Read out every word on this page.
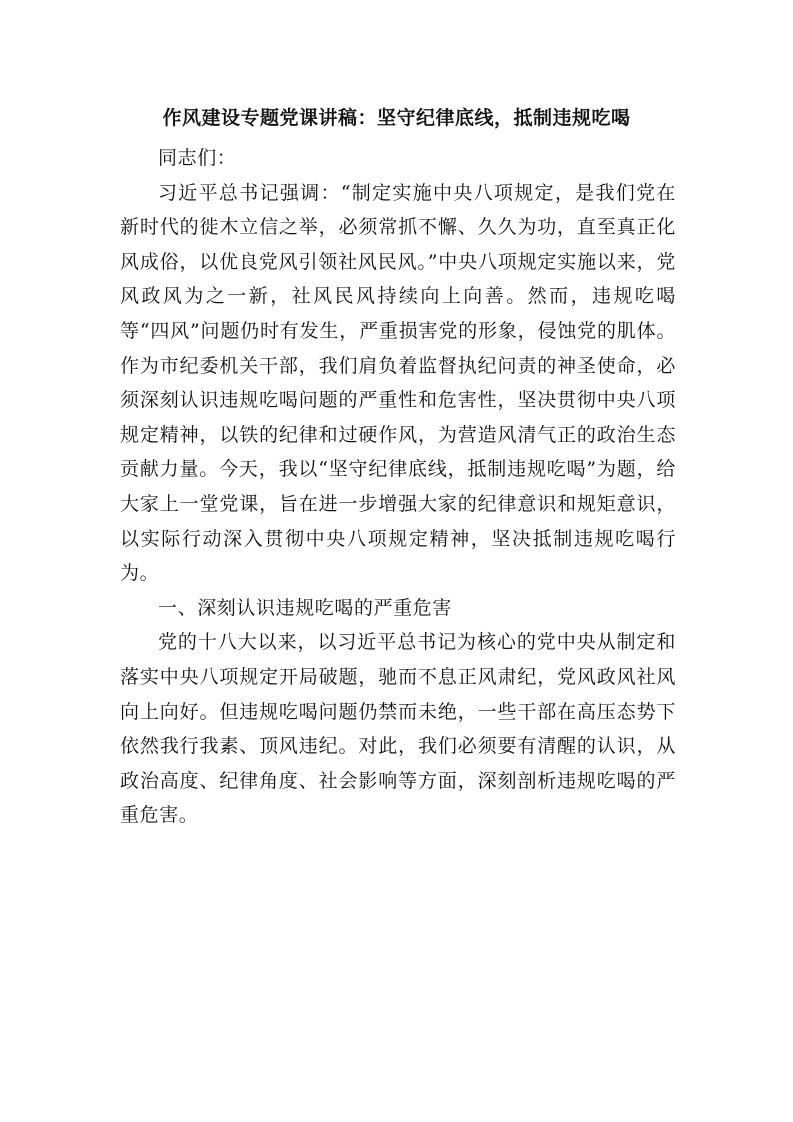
作风建设专题党课讲稿：坚守纪律底线，抵制违规吃喝

同志们：

习近平总书记强调：“制定实施中央八项规定，是我们党在新时代的徙木立信之举，必须常抓不懈、久久为功，直至真正化风成俗，以优良党风引领社风民风。”中央八项规定实施以来，党风政风为之一新，社风民风持续向上向善。然而，违规吃喝等“四风”问题仍时有发生，严重损害党的形象，侵蚀党的肌体。作为市纪委机关干部，我们肩负着监督执纪问责的神圣使命，必须深刻认识违规吃喝问题的严重性和危害性，坚决贯彻中央八项规定精神，以铁的纪律和过硬作风，为营造风清气正的政治生态贡献力量。今天，我以“坚守纪律底线，抵制违规吃喝”为题，给大家上一堂党课，旨在进一步增强大家的纪律意识和规矩意识，以实际行动深入贯彻中央八项规定精神，坚决抵制违规吃喝行为。

一、深刻认识违规吃喝的严重危害

党的十八大以来，以习近平总书记为核心的党中央从制定和落实中央八项规定开局破题，驰而不息正风肃纪，党风政风社风向上向好。但违规吃喝问题仍禁而未绝，一些干部在高压态势下依然我行我素、顶风违纪。对此，我们必须要有清醒的认识，从政治高度、纪律角度、社会影响等方面，深刻剖析违规吃喝的严重危害。
